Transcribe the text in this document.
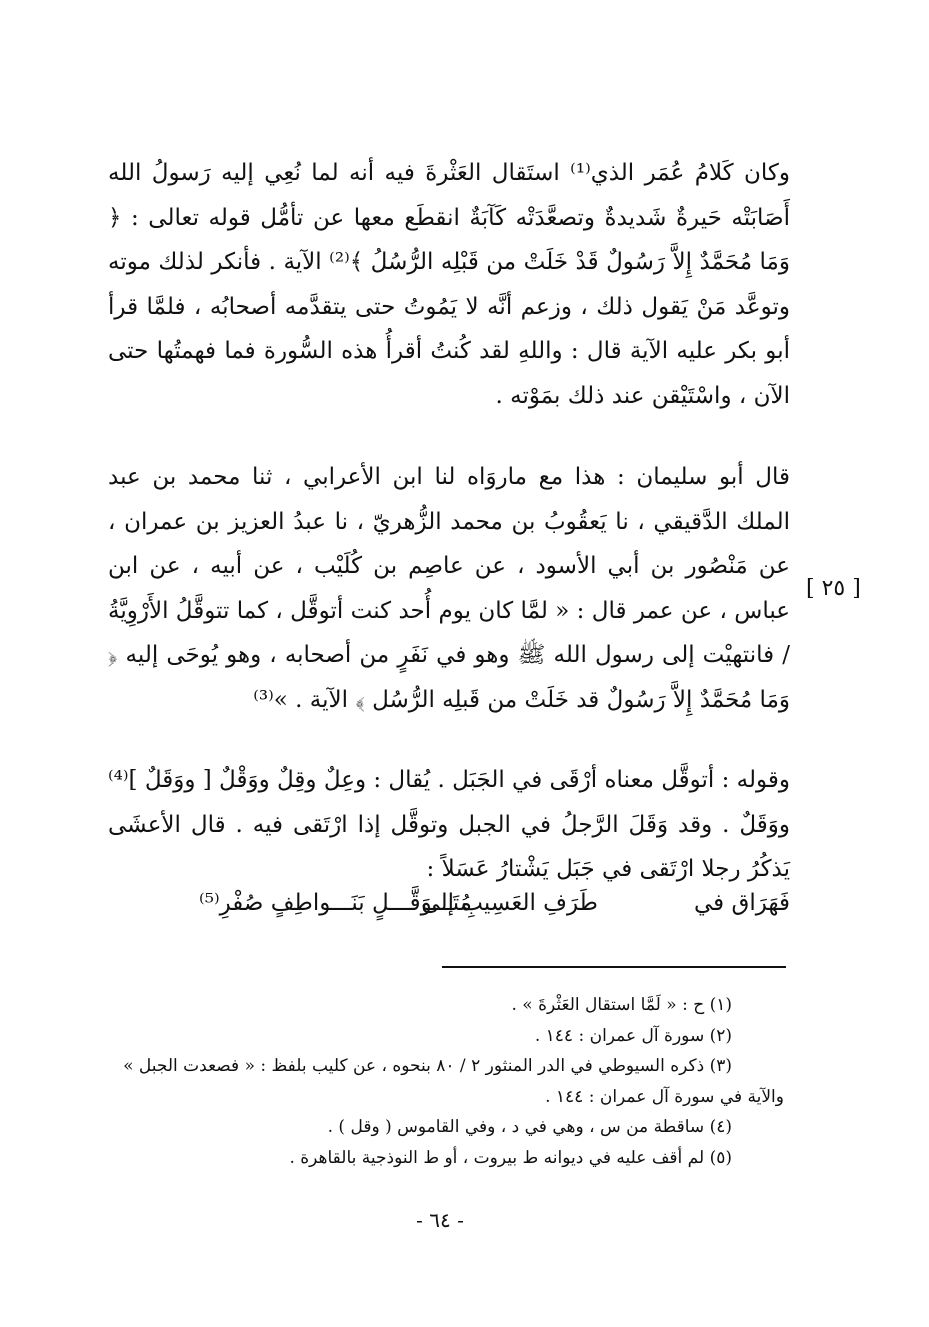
وكان كَلامُ عُمَر الذي⁽¹⁾ استَقال العَثْرةَ فيه أنه لما نُعِي إليه رَسولُ الله أَصَابَتْه حَيرةٌ شَديدةٌ وتصعَّدَتْه كَآبَةٌ انقطَع معها عن تأمُّل قوله تعالى : ﴿ وَمَا مُحَمَّدٌ إِلاَّ رَسُولٌ قَدْ خَلَتْ من قَبْلِه الرُّسُلُ ﴾⁽²⁾ الآية . فأنكر لذلك موته وتوعَّد مَنْ يَقول ذلك ، وزعم أنَّه لا يَمُوتُ حتى يتقدَّمه أصحابُه ، فلمَّا قرأ أبو بكر عليه الآية قال : واللهِ لقد كُنتُ أقرأُ هذه السُّورة فما فهمتُها حتى الآن ، واسْتَيْقن عند ذلك بمَوْته .

قال أبو سليمان : هذا مع ماروَاه لنا ابن الأعرابي ، ثنا محمد بن عبد الملك الدَّقيقي ، نا يَعقُوبُ بن محمد الزُّهريّ ، نا عبدُ العزيز بن عمران ، عن مَنْصُور بن أبي الأسود ، عن عاصِم بن كُلَيْب ، عن أبيه ، عن ابن عباس ، عن عمر قال : « لمَّا كان يوم أُحد كنت أتوقَّل ، كما تتوقَّلُ الأَرْوِيَّةُ / فانتهيْت إلى رسول الله ﷺ وهو في نَفَرٍ من أصحابه ، وهو يُوحَى إليه ﴿ وَمَا مُحَمَّدٌ إِلاَّ رَسُولٌ قد خَلَتْ من قَبلِه الرُّسُل ﴾ الآية . »⁽³⁾

[ ٢٥ ]

وقوله : أتوقَّل معناه أرْقَى في الجَبَل . يُقال : وعِلٌ وقِلٌ ووَقْلٌ [ ووَقَلٌ ]⁽⁴⁾ ووَقَلٌ . وقد وَقَلَ الرَّجلُ في الجبل وتوقَّل إذا ارْتَقى فيه . قال الأعشَى يَذكُرُ رجلا ارْتَقى في جَبَل يَشْتارُ عَسَلاً :

فَهَرَاق في
طَرَفِ العَسِيبِ إلى
مُتَـــوَقَّـــلٍ بَنَـــواطِفٍ صُفْرِ⁽⁵⁾
(١) ح : « لَمَّا استقال العَثْرةَ » .
(٢) سورة آل عمران : ١٤٤ .
(٣) ذكره السيوطي في الدر المنثور ٢ / ٨٠ بنحوه ، عن كليب بلفظ : « فصعدت الجبل »
والآية في سورة آل عمران : ١٤٤ .
(٤) ساقطة من س ، وهي في د ، وفي القاموس ( وقل ) .
(٥) لم أقف عليه في ديوانه ط بيروت ، أو ط النوذجية بالقاهرة .
- ٦٤ -
